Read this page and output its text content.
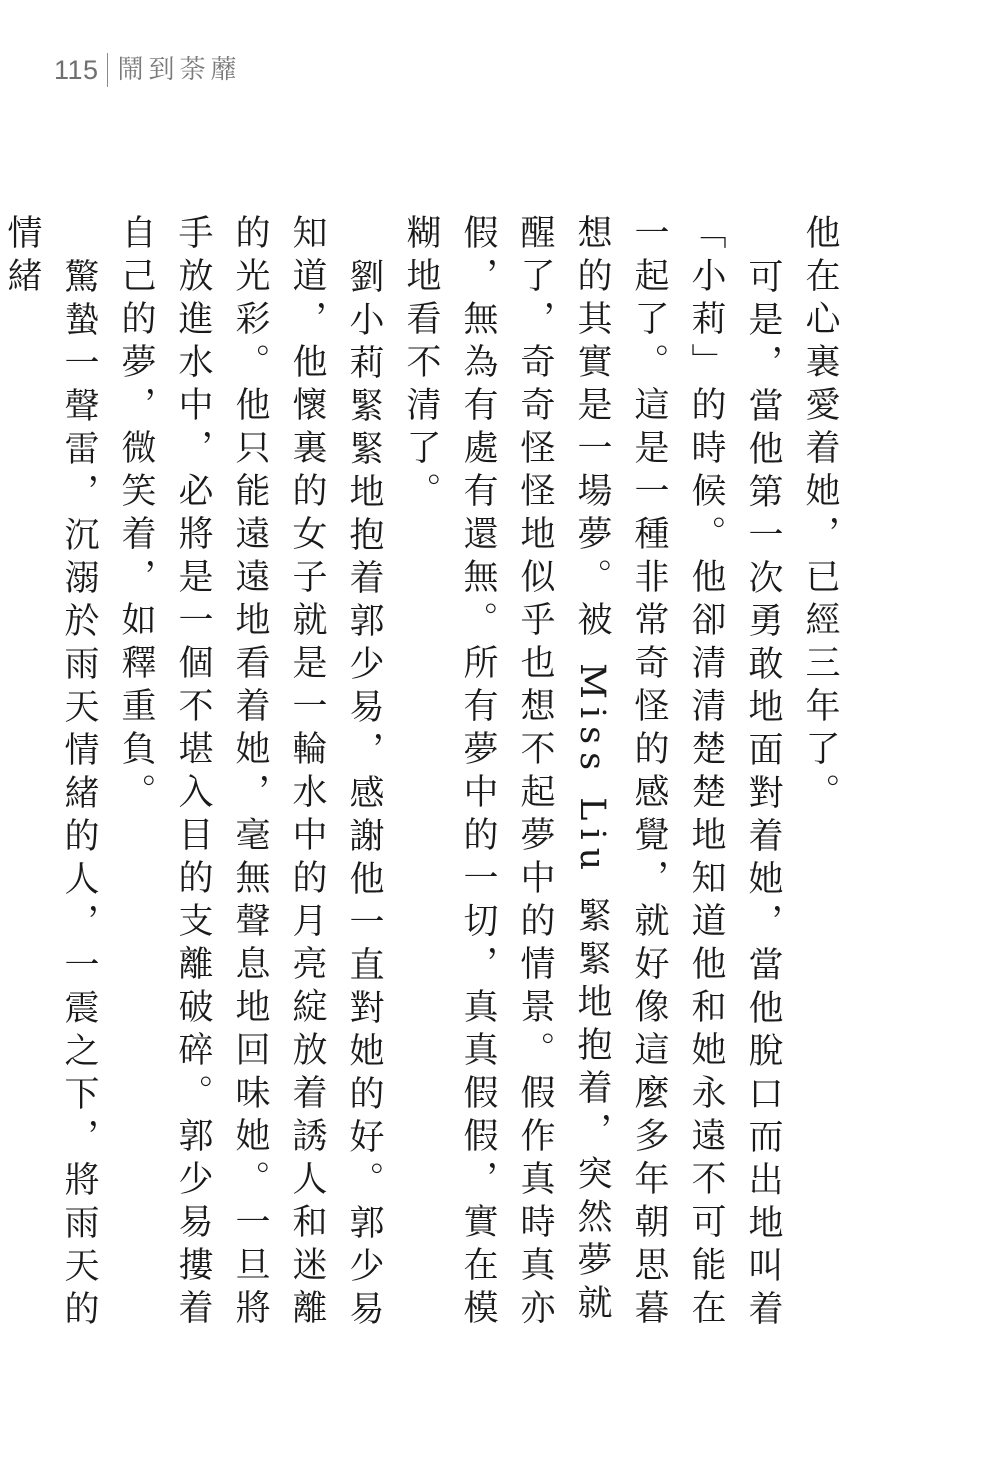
115 鬧到荼蘼

他在心裏愛着她，已經三年了。

可是，當他第一次勇敢地面對着她，當他脫口而出地叫着「小莉」的時候。他卻清清楚楚地知道他和她永遠不可能在一起了。這是一種非常奇怪的感覺，就好像這麼多年朝思暮想的其實是一場夢。被 Miss Liu 緊緊地抱着，突然夢就醒了，奇奇怪怪地似乎也想不起夢中的情景。假作真時真亦假，無為有處有還無。所有夢中的一切，真真假假，實在模糊地看不清了。

劉小莉緊緊地抱着郭少易，感謝他一直對她的好。郭少易知道，他懷裏的女子就是一輪水中的月亮綻放着誘人和迷離的光彩。他只能遠遠地看着她，毫無聲息地回味她。一旦將手放進水中，必將是一個不堪入目的支離破碎。郭少易摟着自己的夢，微笑着，如釋重負。

驚蟄一聲雷，沉溺於雨天情緒的人，一震之下，將雨天的情緒
